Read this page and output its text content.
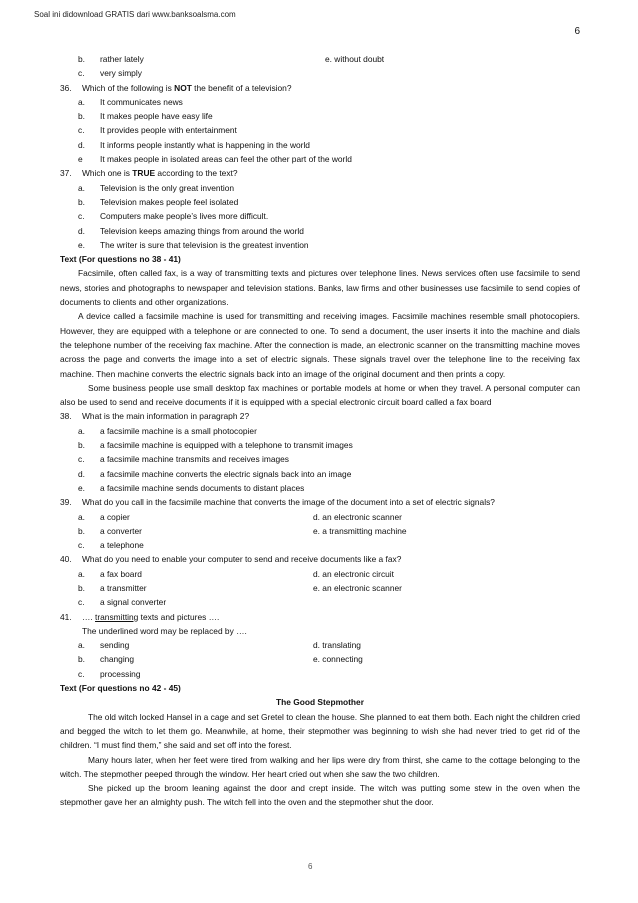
Soal ini didownload GRATIS dari www.banksoalsma.com
6
b. rather lately	e. without doubt
c. very simply
36. Which of the following is NOT the benefit of a television?
a. It communicates news
b. It makes people have easy life
c. It provides people with entertainment
d. It informs people instantly what is happening in the world
e It makes people in isolated areas can feel the other part of the world
37. Which one is TRUE according to the text?
a. Television is the only great invention
b. Television makes people feel isolated
c. Computers make people’s lives more difficult.
d. Television keeps amazing things from around the world
e. The writer is sure that television is the greatest invention
Text (For questions no 38 - 41)

Facsimile, often called fax, is a way of transmitting texts and pictures over telephone lines. News services often use facsimile to send news, stories and photographs to newspaper and television stations. Banks, law firms and other businesses use facsimile to send copies of documents to clients and other organizations.

A device called a facsimile machine is used for transmitting and receiving images. Facsimile machines resemble small photocopiers. However, they are equipped with a telephone or are connected to one. To send a document, the user inserts it into the machine and dials the telephone number of the receiving fax machine. After the connection is made, an electronic scanner on the transmitting machine moves across the page and converts the image into a set of electric signals. These signals travel over the telephone line to the receiving fax machine. Then machine converts the electric signals back into an image of the original document and then prints a copy.

Some business people use small desktop fax machines or portable models at home or when they travel. A personal computer can also be used to send and receive documents if it is equipped with a special electronic circuit board called a fax board

38. What is the main information in paragraph 2?
a. a facsimile machine is a small photocopier
b. a facsimile machine is equipped with a telephone to transmit images
c. a facsimile machine transmits and receives images
d. a facsimile machine converts the electric signals back into an image
e. a facsimile machine sends documents to distant places
39. What do you call in the facsimile machine that converts the image of the document into a set of electric signals?
a. a copier	d. an electronic scanner
b. a converter	e. a transmitting machine
c. a telephone
40. What do you need to enable your computer to send and receive documents like a fax?
a. a fax board	d. an electronic circuit
b. a transmitter	e. an electronic scanner
c. a signal converter
41. …. transmitting texts and pictures ….
The underlined word may be replaced by ….
a. sending	d. translating
b. changing	e. connecting
c. processing
Text (For questions no 42 - 45)
The Good Stepmother

The old witch locked Hansel in a cage and set Gretel to clean the house. She planned to eat them both. Each night the children cried and begged the witch to let them go. Meanwhile, at home, their stepmother was beginning to wish she had never tried to get rid of the children. “I must find them,” she said and set off into the forest.

Many hours later, when her feet were tired from walking and her lips were dry from thirst, she came to the cottage belonging to the witch. The stepmother peeped through the window. Her heart cried out when she saw the two children.

She picked up the broom leaning against the door and crept inside. The witch was putting some stew in the oven when the stepmother gave her an almighty push. The witch fell into the oven and the stepmother shut the door.

6
